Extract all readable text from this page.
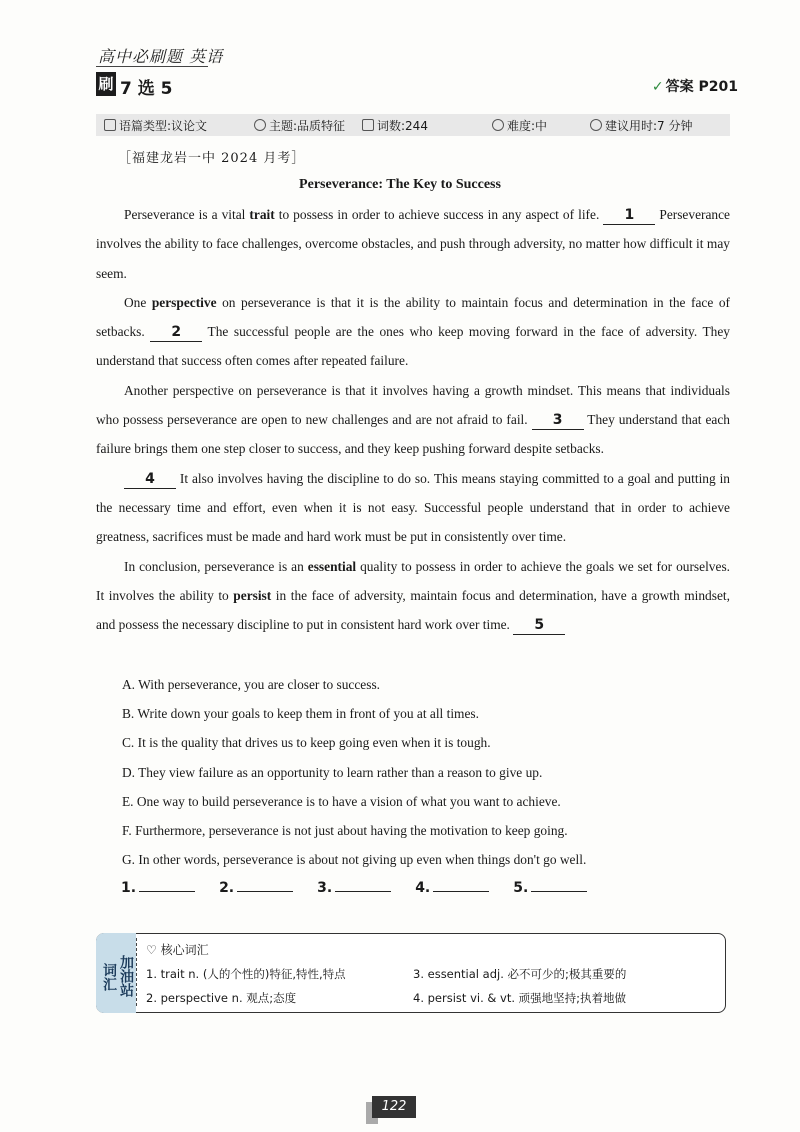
高中必刷题 英语
刷 7 选 5	✓ 答案 P201
语篇类型:议论文	主题:品质特征	词数:244	难度:中	建议用时:7 分钟
［福建龙岩一中 2024 月考］
Perseverance: The Key to Success

Perseverance is a vital trait to possess in order to achieve success in any aspect of life. 1 Perseverance involves the ability to face challenges, overcome obstacles, and push through adversity, no matter how difficult it may seem.

One perspective on perseverance is that it is the ability to maintain focus and determination in the face of setbacks. 2 The successful people are the ones who keep moving forward in the face of adversity. They understand that success often comes after repeated failure.

Another perspective on perseverance is that it involves having a growth mindset. This means that individuals who possess perseverance are open to new challenges and are not afraid to fail. 3 They understand that each failure brings them one step closer to success, and they keep pushing forward despite setbacks.

4 It also involves having the discipline to do so. This means staying committed to a goal and putting in the necessary time and effort, even when it is not easy. Successful people understand that in order to achieve greatness, sacrifices must be made and hard work must be put in consistently over time.

In conclusion, perseverance is an essential quality to possess in order to achieve the goals we set for ourselves. It involves the ability to persist in the face of adversity, maintain focus and determination, have a growth mindset, and possess the necessary discipline to put in consistent hard work over time. 5

A. With perseverance, you are closer to success.
B. Write down your goals to keep them in front of you at all times.
C. It is the quality that drives us to keep going even when it is tough.
D. They view failure as an opportunity to learn rather than a reason to give up.
E. One way to build perseverance is to have a vision of what you want to achieve.
F. Furthermore, perseverance is not just about having the motivation to keep going.
G. In other words, perseverance is about not giving up even when things don't go well.
1.	2.	3.	4.	5.
加油站
词汇
♡ 核心词汇
1. trait n. (人的个性的)特征,特性,特点
2. perspective n. 观点;态度
3. essential adj. 必不可少的;极其重要的
4. persist vi. & vt. 顽强地坚持;执着地做
122
